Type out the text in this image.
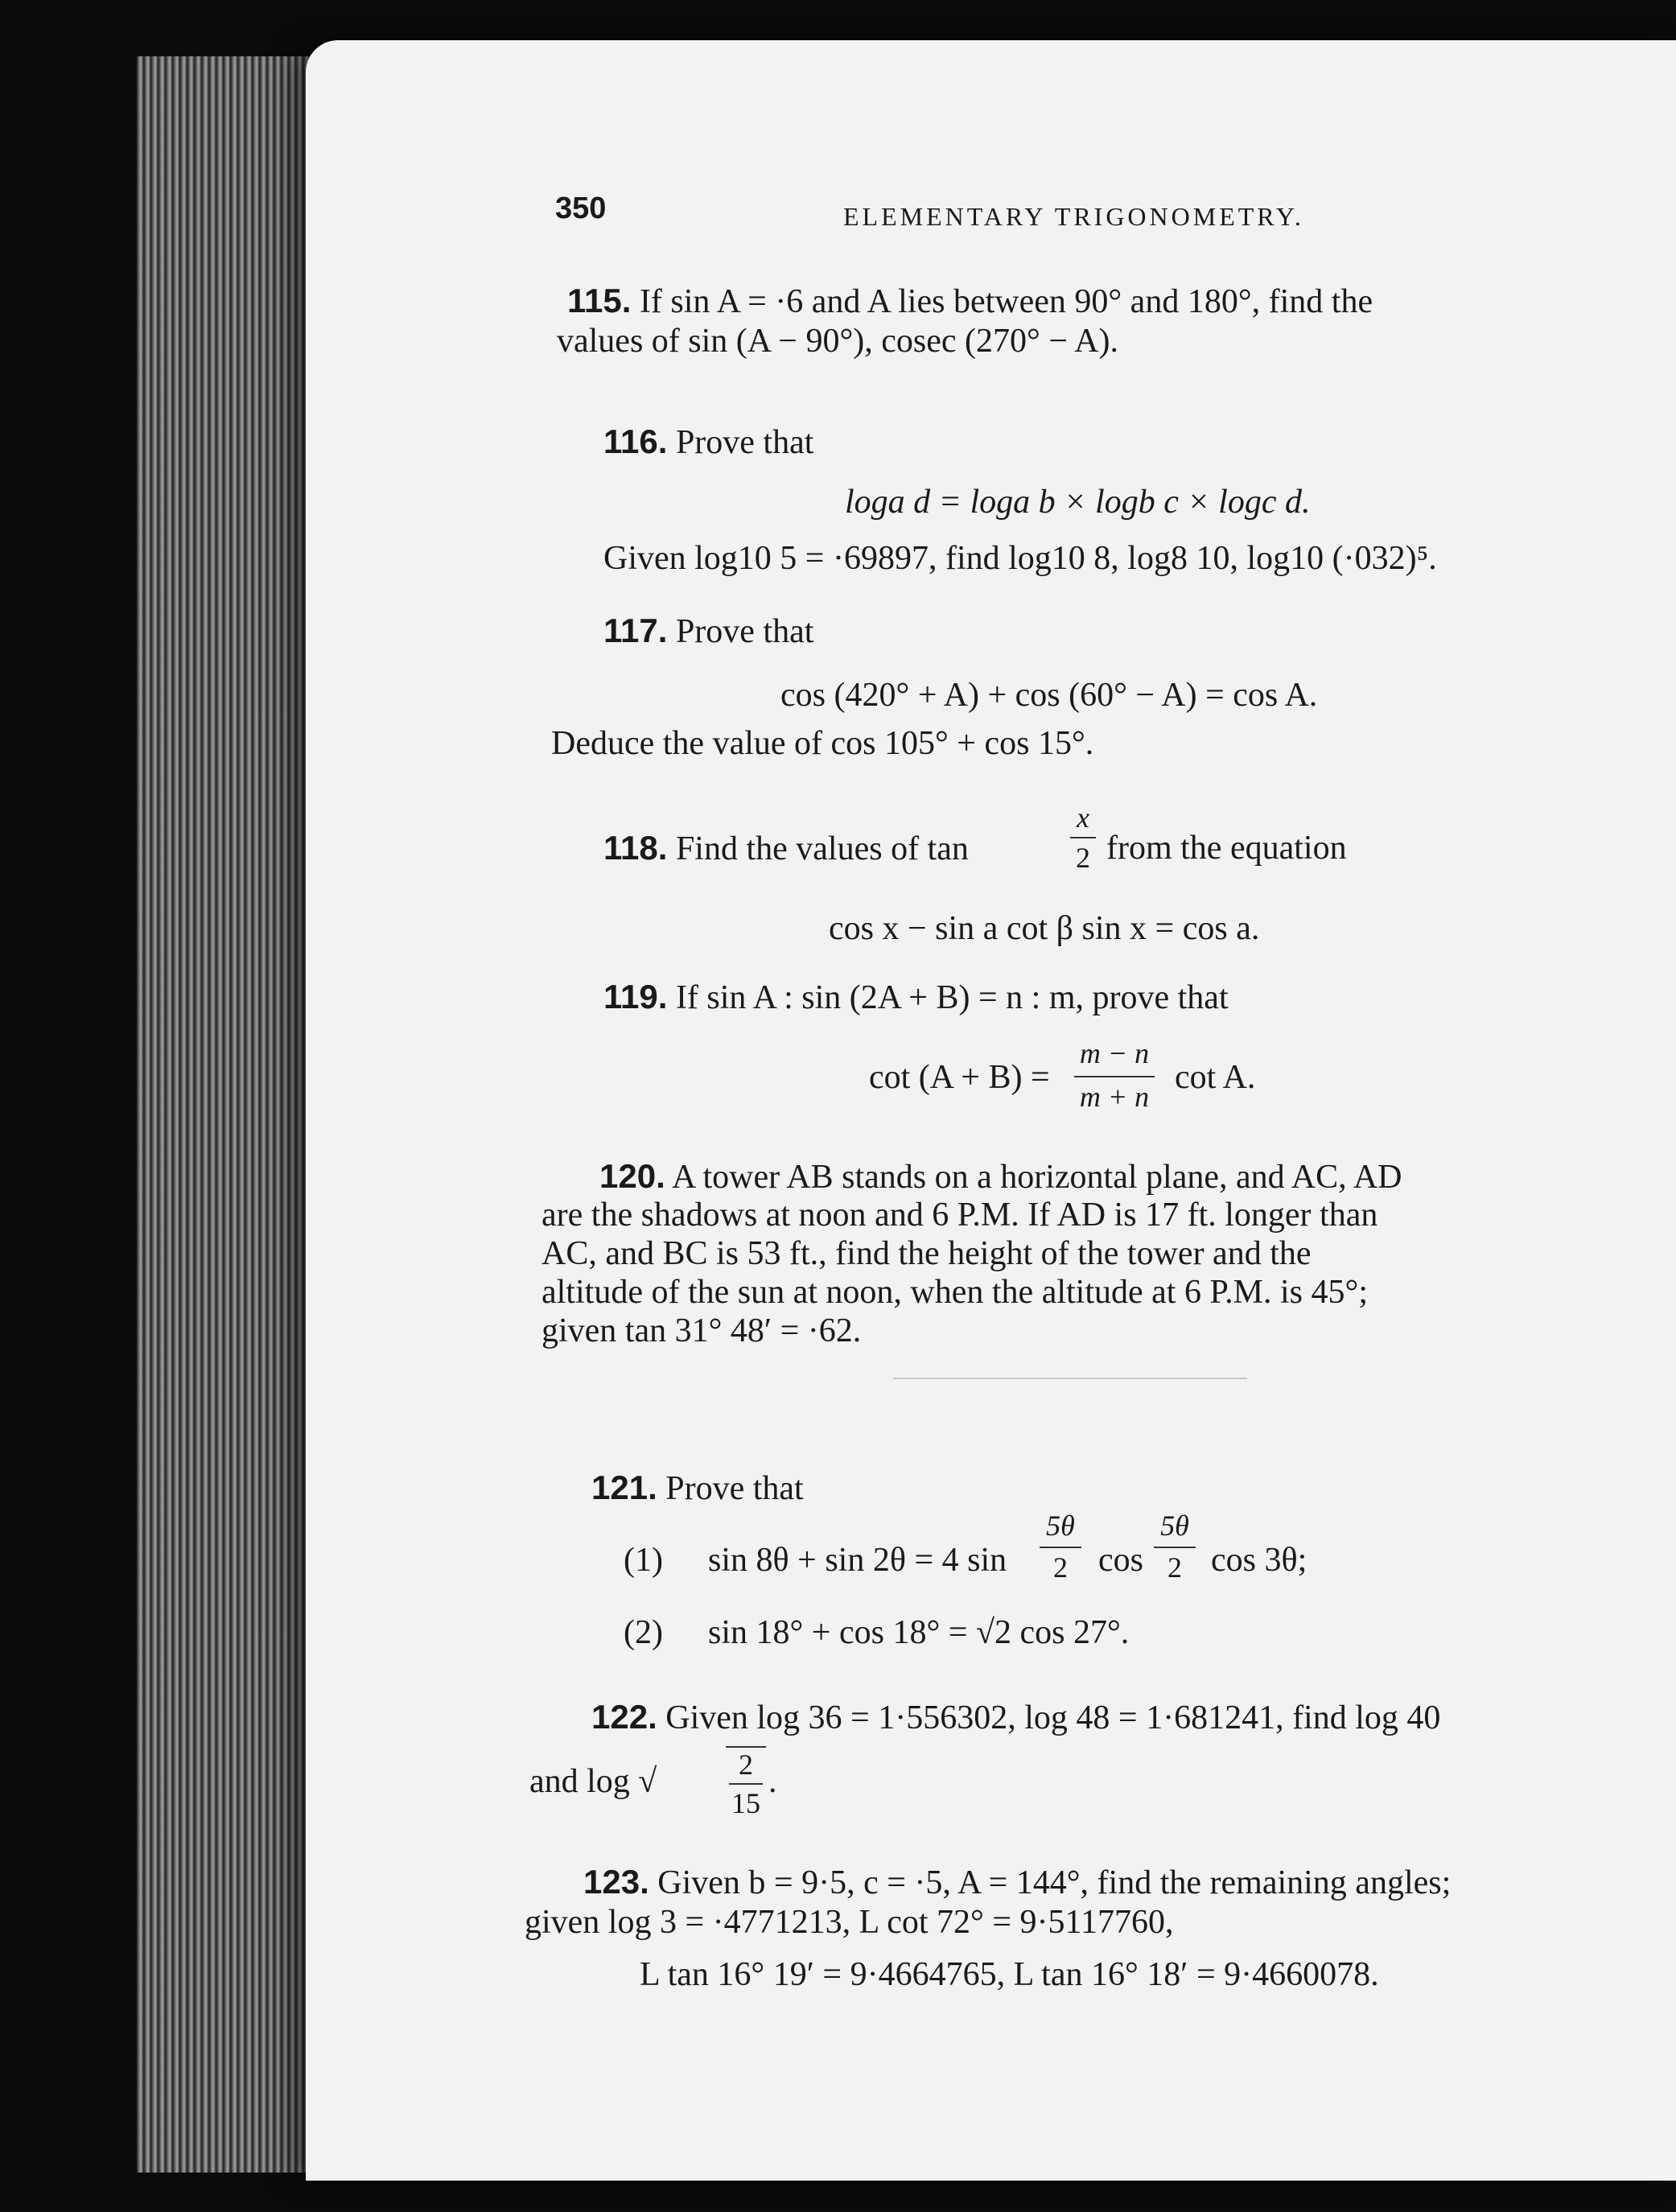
350	ELEMENTARY TRIGONOMETRY.
115. If sin A = ·6 and A lies between 90° and 180°, find the
values of sin (A − 90°), cosec (270° − A).
116. Prove that
loga d = loga b × logb c × logc d.
Given log10 5 = ·69897, find log10 8, log8 10, log10 (·032)⁵.
117. Prove that
cos (420° + A) + cos (60° − A) = cos A.
Deduce the value of cos 105° + cos 15°.
118. Find the values of tan
x
2 from the equation
cos x − sin a cot β sin x = cos a.
119. If sin A : sin (2A + B) = n : m, prove that
cot (A + B) =
m − n
m + n
cot A.
120. A tower AB stands on a horizontal plane, and AC, AD
are the shadows at noon and 6 P.M. If AD is 17 ft. longer than
AC, and BC is 53 ft., find the height of the tower and the
altitude of the sun at noon, when the altitude at 6 P.M. is 45°;
given tan 31° 48′ = ·62.
121. Prove that
(1) sin 8θ + sin 2θ = 4 sin
5θ
2 cos
5θ
2 cos 3θ;
(2) sin 18° + cos 18° = √2 cos 27°.
122. Given log 36 = 1·556302, log 48 = 1·681241, find log 40
and log √	2
15
.
123. Given b = 9·5, c = ·5, A = 144°, find the remaining angles;
given log 3 = ·4771213, L cot 72° = 9·5117760,
L tan 16° 19′ = 9·4664765, L tan 16° 18′ = 9·4660078.
